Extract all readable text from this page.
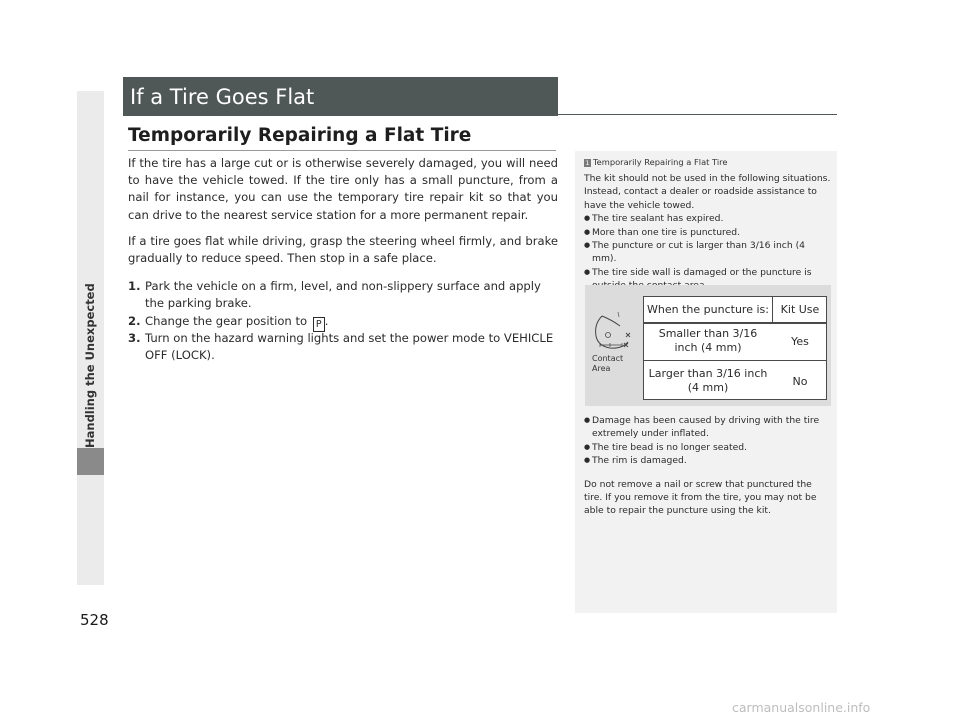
Handling the Unexpected
528
If a Tire Goes Flat
Temporarily Repairing a Flat Tire
If the tire has a large cut or is otherwise severely damaged, you will need to have the vehicle towed. If the tire only has a small puncture, from a nail for instance, you can use the temporary tire repair kit so that you can drive to the nearest service station for a more permanent repair.
If a tire goes flat while driving, grasp the steering wheel firmly, and brake gradually to reduce speed. Then stop in a safe place.
1. Park the vehicle on a firm, level, and non-slippery surface and apply the parking brake.
2. Change the gear position to P .
3. Turn on the hazard warning lights and set the power mode to VEHICLE OFF (LOCK).
1 Temporarily Repairing a Flat Tire
The kit should not be used in the following situations. Instead, contact a dealer or roadside assistance to have the vehicle towed.
● The tire sealant has expired.
● More than one tire is punctured.
● The puncture or cut is larger than 3/16 inch (4 mm).
● The tire side wall is damaged or the puncture is
Contact Area
When the puncture is:	Kit Use
Smaller than 3/16 inch (4 mm)	Yes
Larger than 3/16 inch (4 mm)	No
● Damage has been caused by driving with the tire extremely under inflated.
● The tire bead is no longer seated.
● The rim is damaged.
Do not remove a nail or screw that punctured the tire. If you remove it from the tire, you may not be able to repair the puncture using the kit.
carmanualsonline.info
